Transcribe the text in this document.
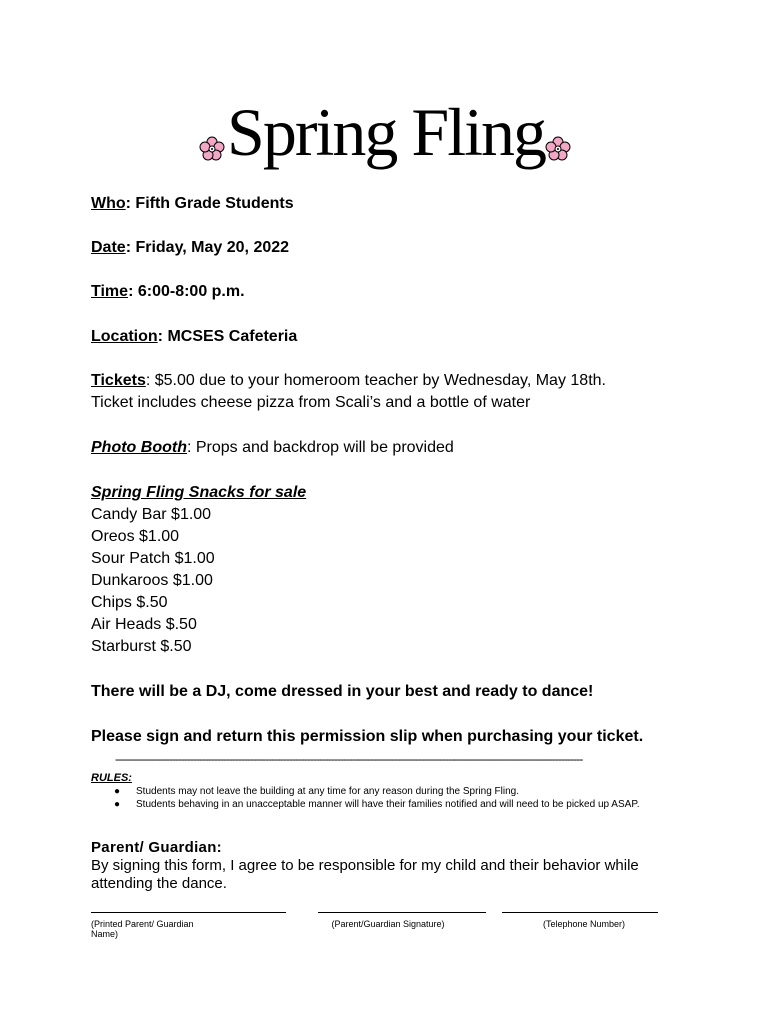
Spring Fling
Who: Fifth Grade Students
Date: Friday, May 20, 2022
Time: 6:00-8:00 p.m.
Location: MCSES Cafeteria
Tickets: $5.00 due to your homeroom teacher by Wednesday, May 18th.
Ticket includes cheese pizza from Scali’s and a bottle of water
Photo Booth: Props and backdrop will be provided
Spring Fling Snacks for sale
Candy Bar $1.00
Oreos $1.00
Sour Patch $1.00
Dunkaroos $1.00
Chips $.50
Air Heads $.50
Starburst $.50
There will be a DJ, come dressed in your best and ready to dance!
Please sign and return this permission slip when purchasing your ticket.
------------------------------------------------------------------------------------------------------------------------------------------------------------
RULES:
● Students may not leave the building at any time for any reason during the Spring Fling.
● Students behaving in an unacceptable manner will have their families notified and will need to be picked up ASAP.
Parent/ Guardian:
By signing this form, I agree to be responsible for my child and their behavior while
attending the dance.
(Printed Parent/ Guardian Name)
(Parent/Guardian Signature)	(Telephone Number)
